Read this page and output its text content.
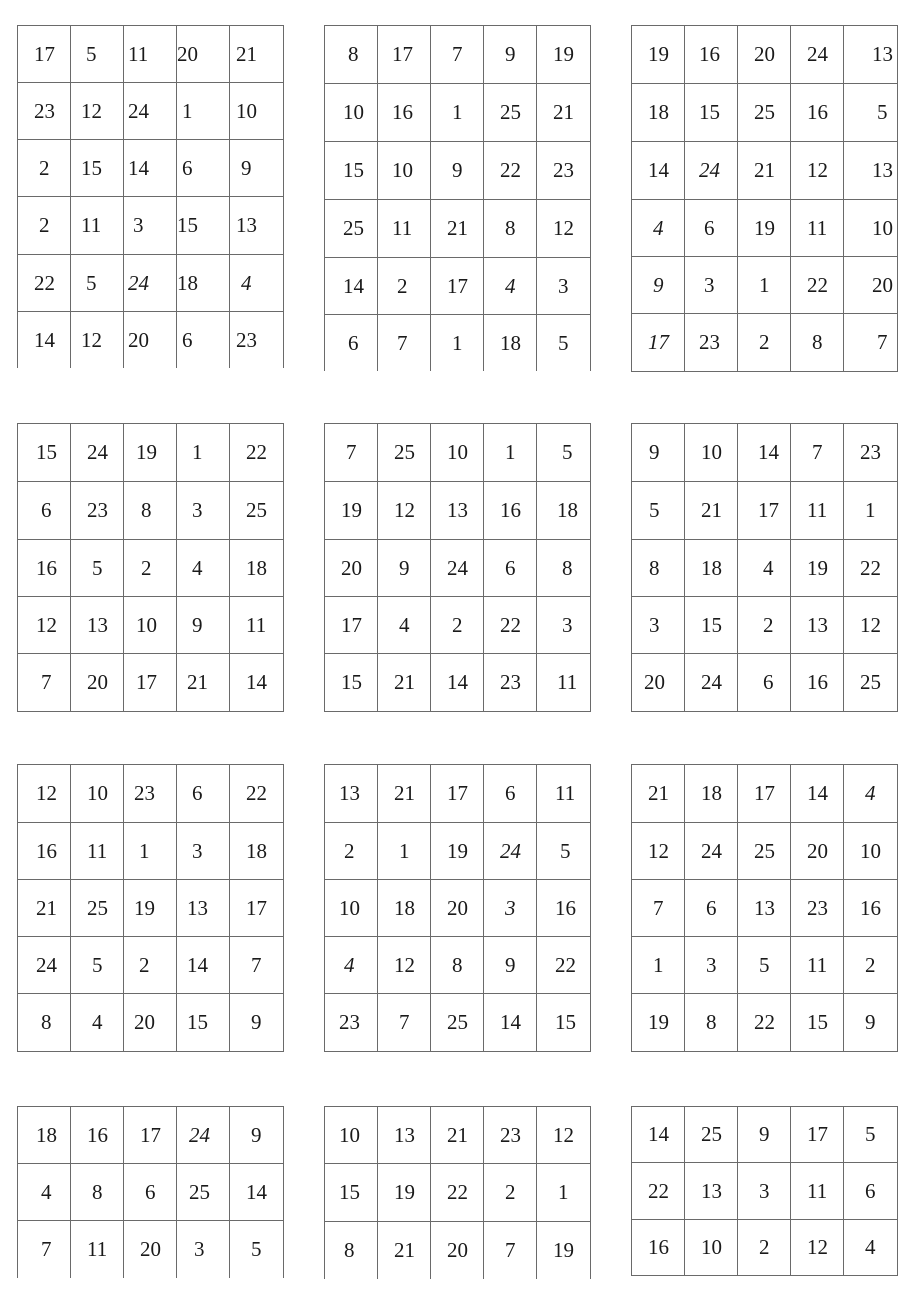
17	5	11	20	21

23	12	24	1	10

2	15	14	6	9

2	11	3	15	13

22	5	24	18	4

14	12	20	6	23
8	17	7	9	19

10	16	1	25	21

15	10	9	22	23

25	11	21	8	12

14	2	17	4	3

6	7	1	18	5
19	16	20	24	13

18	15	25	16	5

14	24	21	12	13

4	6	19	11	10

9	3	1	22	20

17	23	2	8	7
15	24	19	1	22

6	23	8	3	25

16	5	2	4	18

12	13	10	9	11

7	20	17	21	14
7	25	10	1	5

19	12	13	16	18

20	9	24	6	8

17	4	2	22	3

15	21	14	23	11
9	10	14	7	23

5	21	17	11	1

8	18	4	19	22

3	15	2	13	12

20	24	6	16	25
12	10	23	6	22

16	11	1	3	18

21	25	19	13	17

24	5	2	14	7

8	4	20	15	9
13	21	17	6	11

2	1	19	24	5

10	18	20	3	16

4	12	8	9	22

23	7	25	14	15
21	18	17	14	4

12	24	25	20	10

7	6	13	23	16

1	3	5	11	2

19	8	22	15	9
18	16	17	24	9

4	8	6	25	14

7	11	20	3	5
10	13	21	23	12

15	19	22	2	1

8	21	20	7	19
14	25	9	17	5

22	13	3	11	6

16	10	2	12	4
